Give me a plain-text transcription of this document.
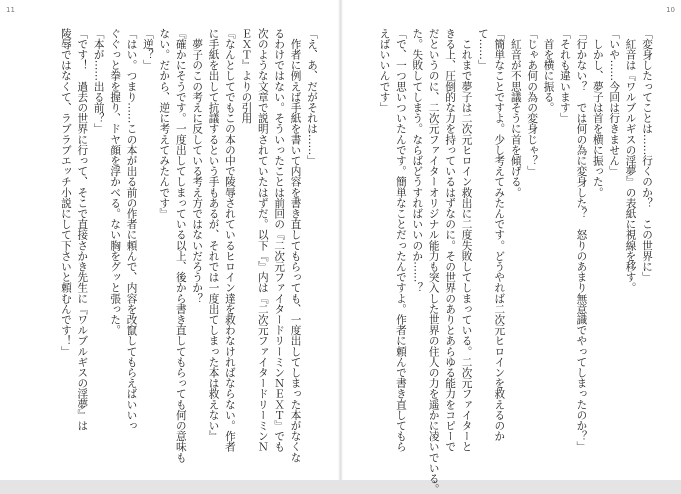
11
「え、あ、だがそれは……」
　作者に例えば手紙を書いて内容を書き直してもらっても、一度出してしまった本がなくな
るわけではない。そういったことは前回の『二次元ファイタードリーミンＮＥＸＴ』でも
次のような文章で説明されていたはずだ。以下『』内は『二次元ファイタードリーミンＮ
ＥＸＴ』よりの引用
『なんとしてでもこの本の中で陵辱されているヒロイン達を救わなければならない。作者
に手紙を出して抗議するという手もあるが、それでは一度出てしまった本は救えない』
　夢子のこの考えに反している考え方ではないだろうか？
『確かにそうです。一度出してしまっている以上、後から書き直してもらっても何の意味も
ない。だから、逆に考えてみたんです』
「逆？」
「はい。つまり……この本が出る前の作者に頼んで、内容を改竄してもらえばいいっ
ぐぐっと拳を握り、ドヤ顔を浮かべる。ない胸をグッと張った。
「本が……出る前？」
「です！　過去の世界に行って、そこで直接さかき先生に『ワルブルギスの淫夢』は
陵辱ではなくて、ラブラブエッチ小説にして下さいと頼むんです！」
10
「変身したってことは……行くのか？　この世界に」
　紅音は『ワルブルギスの淫夢』の表紙に視線を移す。
「いや……今回は行きません」
　しかし、夢子は首を横に振った。
「行かない？　では何の為に変身した？　怒りのあまり無意識でやってしまったのか？」
「それも違います」
　首を横に振る。
「じゃあ何の為の変身じゃ？」
　紅音が不思議そうに首を傾げる。
「簡単なことですよ。少し考えてみたんです。どうやれば二次元ヒロインを救えるのか
て……」
　これまで夢子は二次元ヒロイン救出に二度失敗してしまっている。二次元ファイターと
きる上、圧倒的な力を持っているはずなのに。その世界のありとあらゆる能力をコピーで
だというのに、二次元ファイターオリジナル能力も突入した世界の住人の力を遥かに凌いでいる。
た。失敗してしまう。ならばどうすればいいのか……？
「で、一つ思いついたんです。簡単なことだったんですよ。作者に頼んで書き直してもら
えばいいんです」
